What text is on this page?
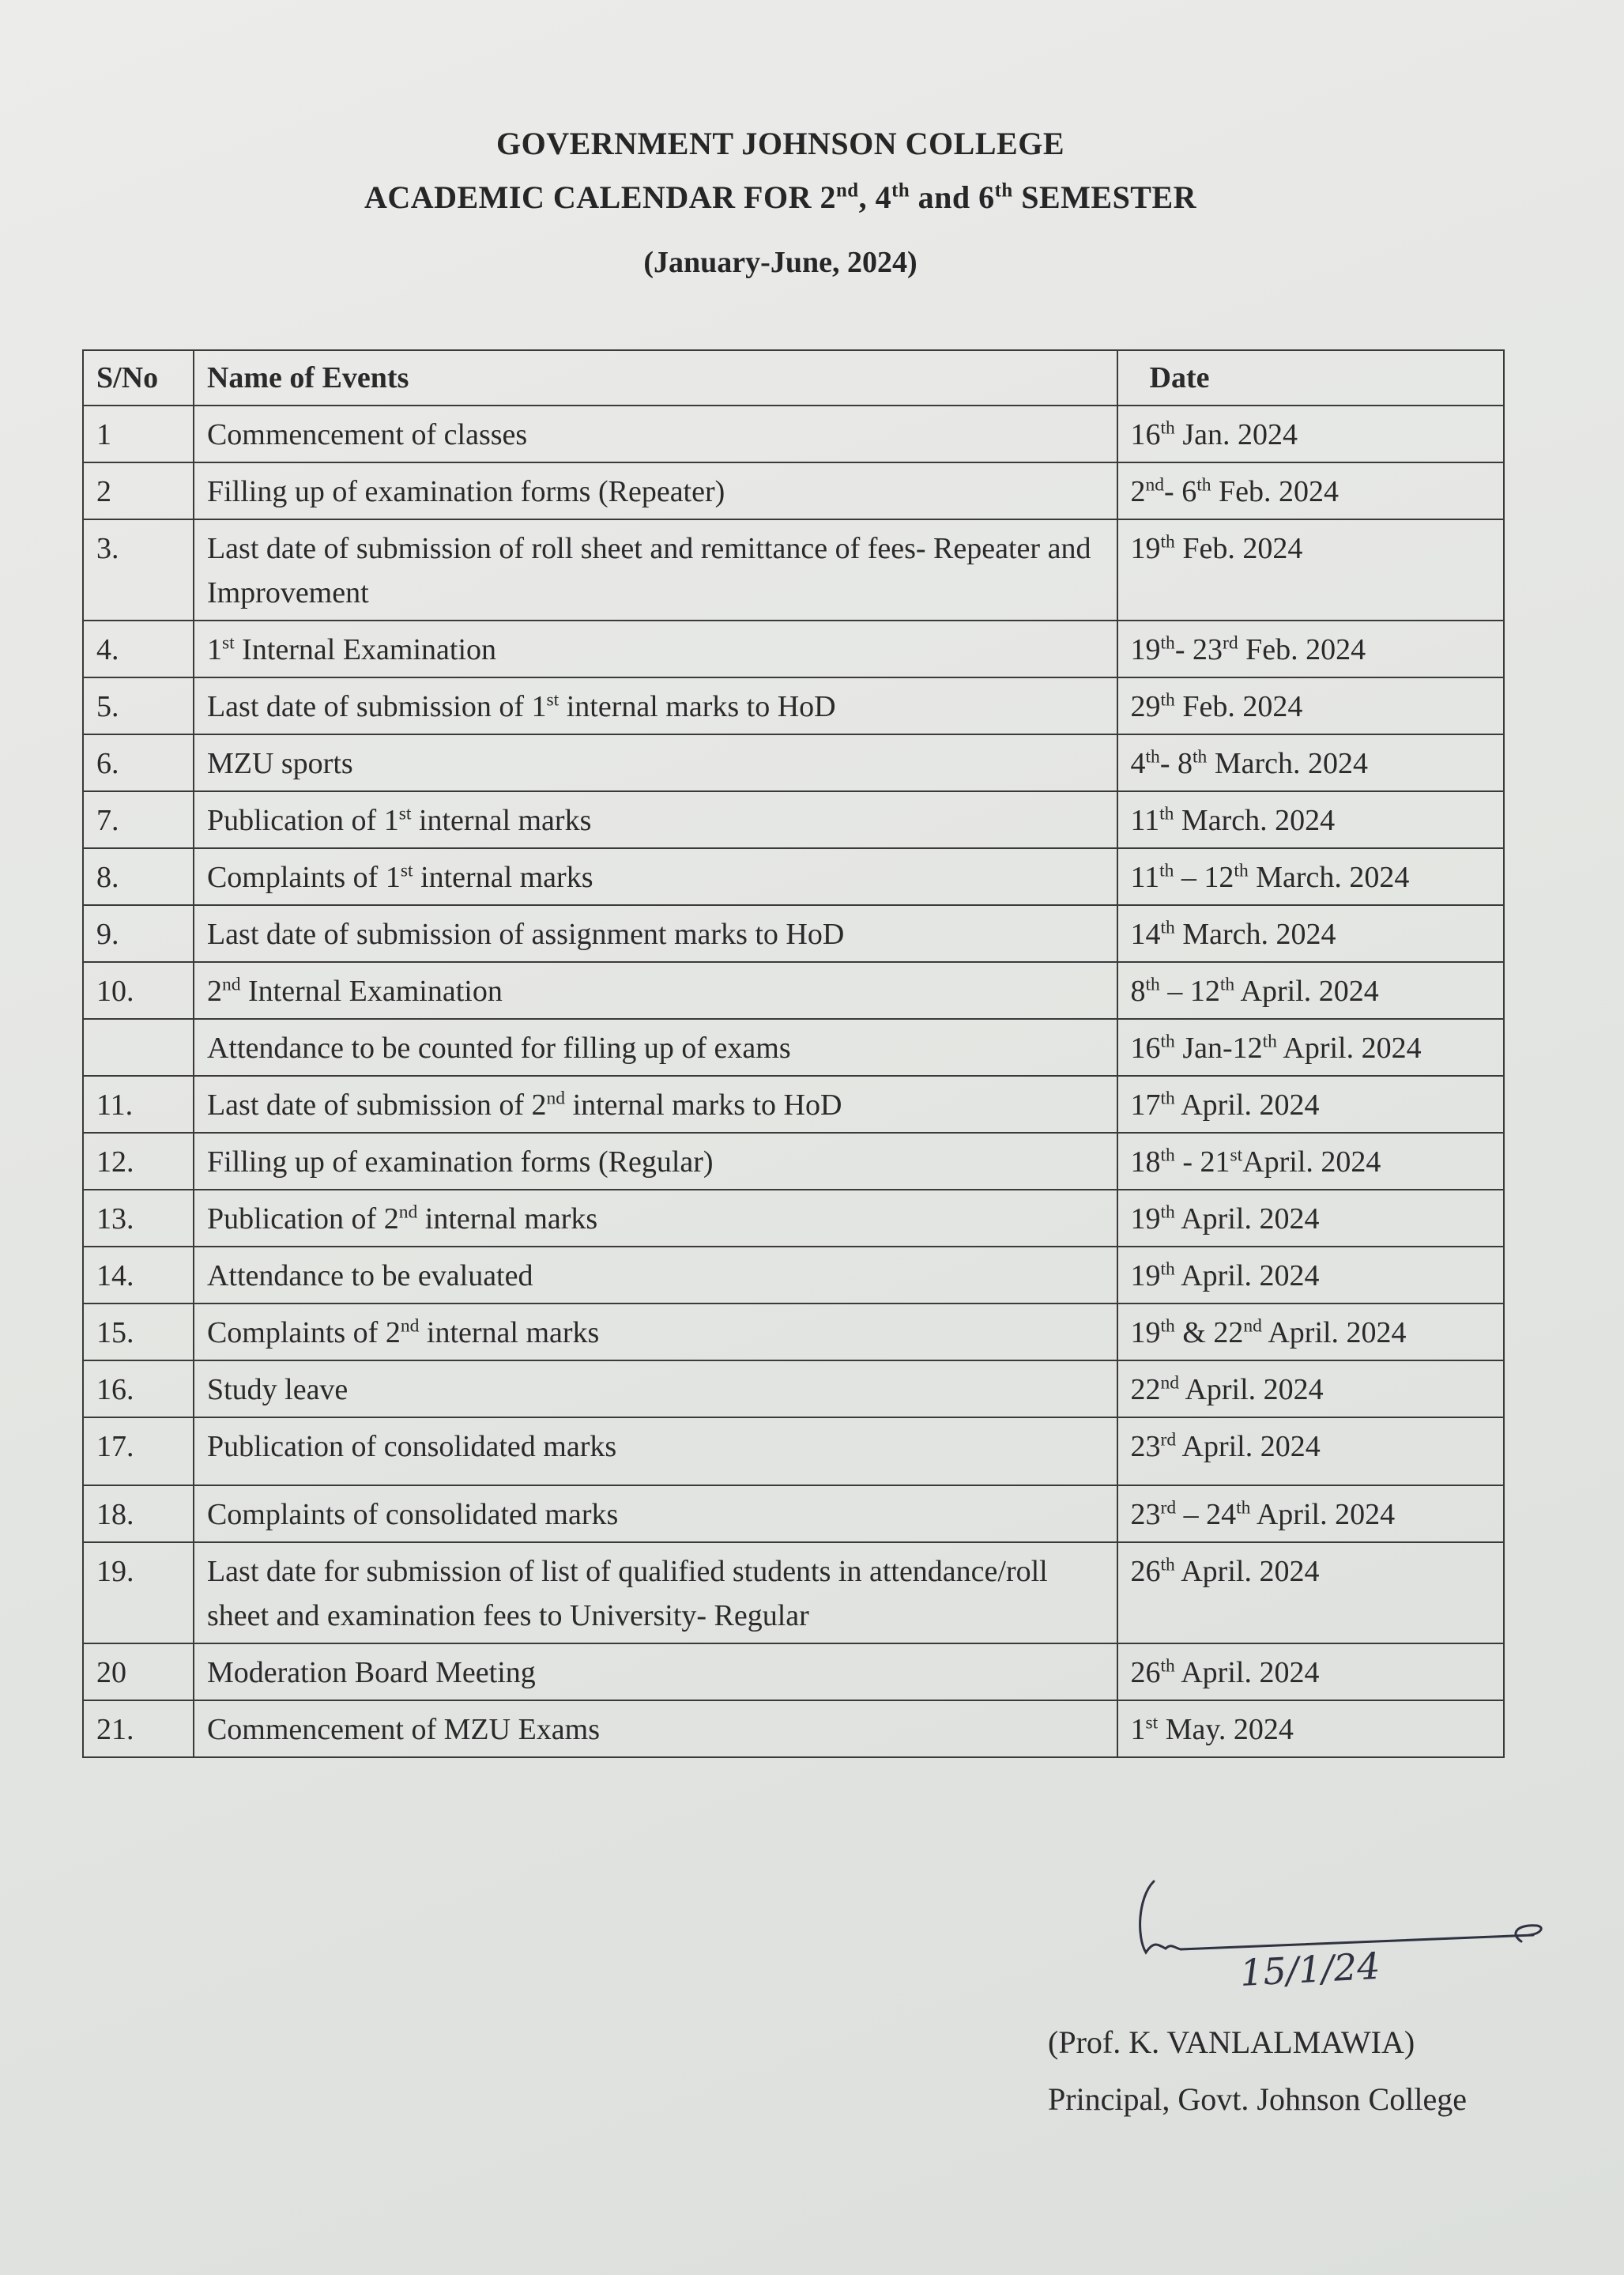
GOVERNMENT JOHNSON COLLEGE
ACADEMIC CALENDAR FOR 2nd, 4th and 6th SEMESTER
(January-June, 2024)
S/No	Name of Events	Date
1	Commencement of classes	16th Jan. 2024
2	Filling up of examination forms (Repeater)	2nd- 6th Feb. 2024
3.	Last date of submission of roll sheet and remittance of fees- Repeater and Improvement	19th Feb. 2024
4.	1st Internal Examination	19th- 23rd Feb. 2024
5.	Last date of submission of 1st internal marks to HoD	29th Feb. 2024
6.	MZU sports	4th- 8th March. 2024
7.	Publication of 1st internal marks	11th March. 2024
8.	Complaints of 1st internal marks	11th – 12th March. 2024
9.	Last date of submission of assignment marks to HoD	14th March. 2024
10.	2nd Internal Examination	8th – 12th April. 2024
	Attendance to be counted for filling up of exams	16th Jan-12th April. 2024
11.	Last date of submission of 2nd internal marks to HoD	17th April. 2024
12.	Filling up of examination forms (Regular)	18th - 21stApril. 2024
13.	Publication of 2nd internal marks	19th April. 2024
14.	Attendance to be evaluated	19th April. 2024
15.	Complaints of 2nd internal marks	19th & 22nd April. 2024
16.	Study leave	22nd April. 2024
17.	Publication of consolidated marks	23rd April. 2024
18.	Complaints of consolidated marks	23rd – 24th April. 2024
19.	Last date for submission of list of qualified students in attendance/roll sheet and examination fees to University- Regular	26th April. 2024
20	Moderation Board Meeting	26th April. 2024
21.	Commencement of MZU Exams	1st May. 2024
15/1/24
(Prof. K. VANLALMAWIA)
Principal, Govt. Johnson College
